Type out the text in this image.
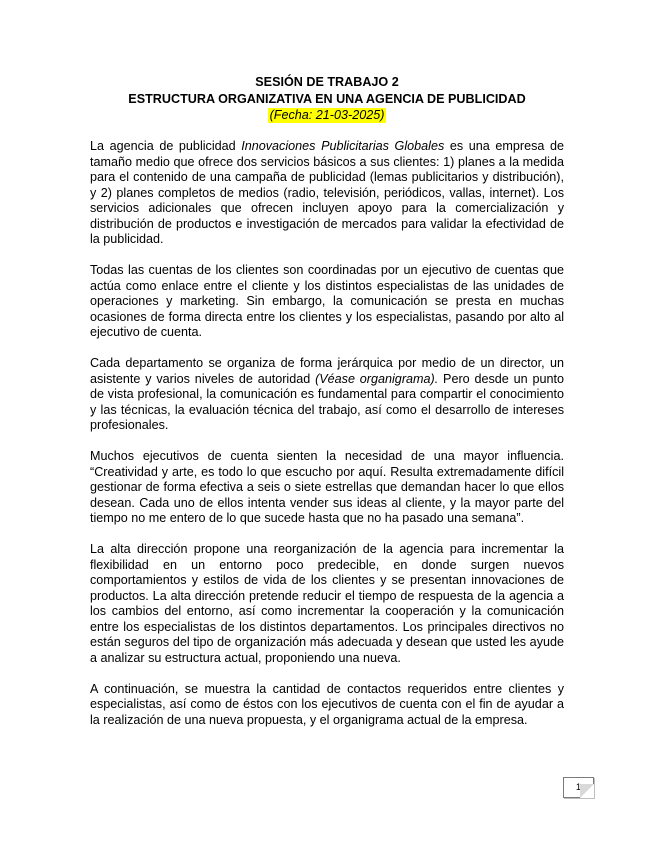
SESIÓN DE TRABAJO 2

ESTRUCTURA ORGANIZATIVA EN UNA AGENCIA DE PUBLICIDAD

(Fecha: 21-03-2025)

La agencia de publicidad Innovaciones Publicitarias Globales es una empresa de tamaño medio que ofrece dos servicios básicos a sus clientes: 1) planes a la medida para el contenido de una campaña de publicidad (lemas publicitarios y distribución), y 2) planes completos de medios (radio, televisión, periódicos, vallas, internet). Los servicios adicionales que ofrecen incluyen apoyo para la comercialización y distribución de productos e investigación de mercados para validar la efectividad de la publicidad.

Todas las cuentas de los clientes son coordinadas por un ejecutivo de cuentas que actúa como enlace entre el cliente y los distintos especialistas de las unidades de operaciones y marketing. Sin embargo, la comunicación se presta en muchas ocasiones de forma directa entre los clientes y los especialistas, pasando por alto al ejecutivo de cuenta.

Cada departamento se organiza de forma jerárquica por medio de un director, un asistente y varios niveles de autoridad (Véase organigrama). Pero desde un punto de vista profesional, la comunicación es fundamental para compartir el conocimiento y las técnicas, la evaluación técnica del trabajo, así como el desarrollo de intereses profesionales.

Muchos ejecutivos de cuenta sienten la necesidad de una mayor influencia. “Creatividad y arte, es todo lo que escucho por aquí. Resulta extremadamente difícil gestionar de forma efectiva a seis o siete estrellas que demandan hacer lo que ellos desean. Cada uno de ellos intenta vender sus ideas al cliente, y la mayor parte del tiempo no me entero de lo que sucede hasta que no ha pasado una semana”.

La alta dirección propone una reorganización de la agencia para incrementar la flexibilidad en un entorno poco predecible, en donde surgen nuevos comportamientos y estilos de vida de los clientes y se presentan innovaciones de productos. La alta dirección pretende reducir el tiempo de respuesta de la agencia a los cambios del entorno, así como incrementar la cooperación y la comunicación entre los especialistas de los distintos departamentos. Los principales directivos no están seguros del tipo de organización más adecuada y desean que usted les ayude a analizar su estructura actual, proponiendo una nueva.

A continuación, se muestra la cantidad de contactos requeridos entre clientes y especialistas, así como de éstos con los ejecutivos de cuenta con el fin de ayudar a la realización de una nueva propuesta, y el organigrama actual de la empresa.

1
